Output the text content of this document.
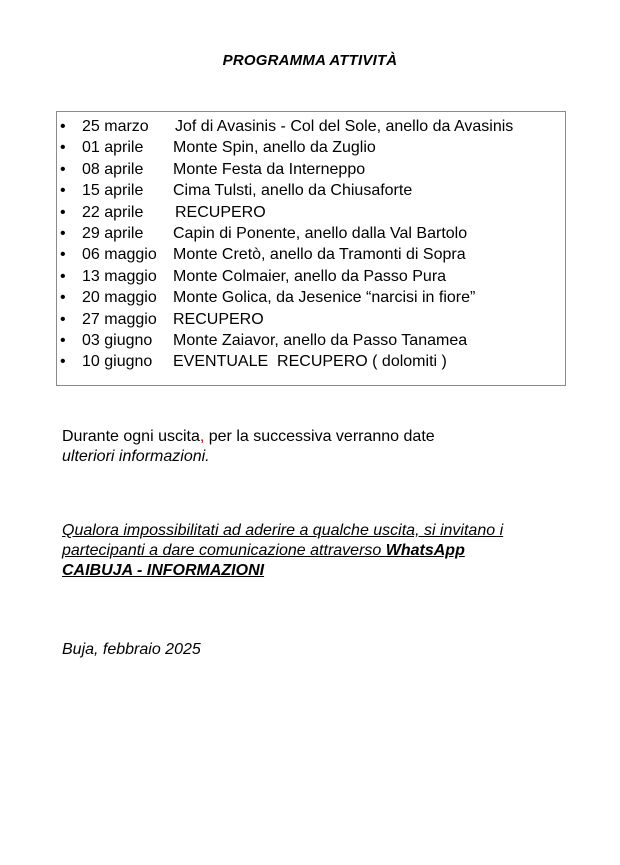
PROGRAMMA ATTIVITÀ
• 25 marzo Jof di Avasinis - Col del Sole, anello da Avasinis
• 01 aprile Monte Spin, anello da Zuglio
• 08 aprile Monte Festa da Interneppo
• 15 aprile Cima Tulsti, anello da Chiusaforte
• 22 aprile RECUPERO
• 29 aprile Capin di Ponente, anello dalla Val Bartolo
• 06 maggio Monte Cretò, anello da Tramonti di Sopra
• 13 maggio Monte Colmaier, anello da Passo Pura
• 20 maggio Monte Golica, da Jesenice “narcisi in fiore”
• 27 maggio RECUPERO
• 03 giugno Monte Zaiavor, anello da Passo Tanamea
• 10 giugno EVENTUALE  RECUPERO ( dolomiti )
Durante ogni uscita, per la successiva verranno date
ulteriori informazioni.
Qualora impossibilitati ad aderire a qualche uscita, si invitano i partecipanti a dare comunicazione attraverso WhatsApp
CAIBUJA - INFORMAZIONI
Buja, febbraio 2025
